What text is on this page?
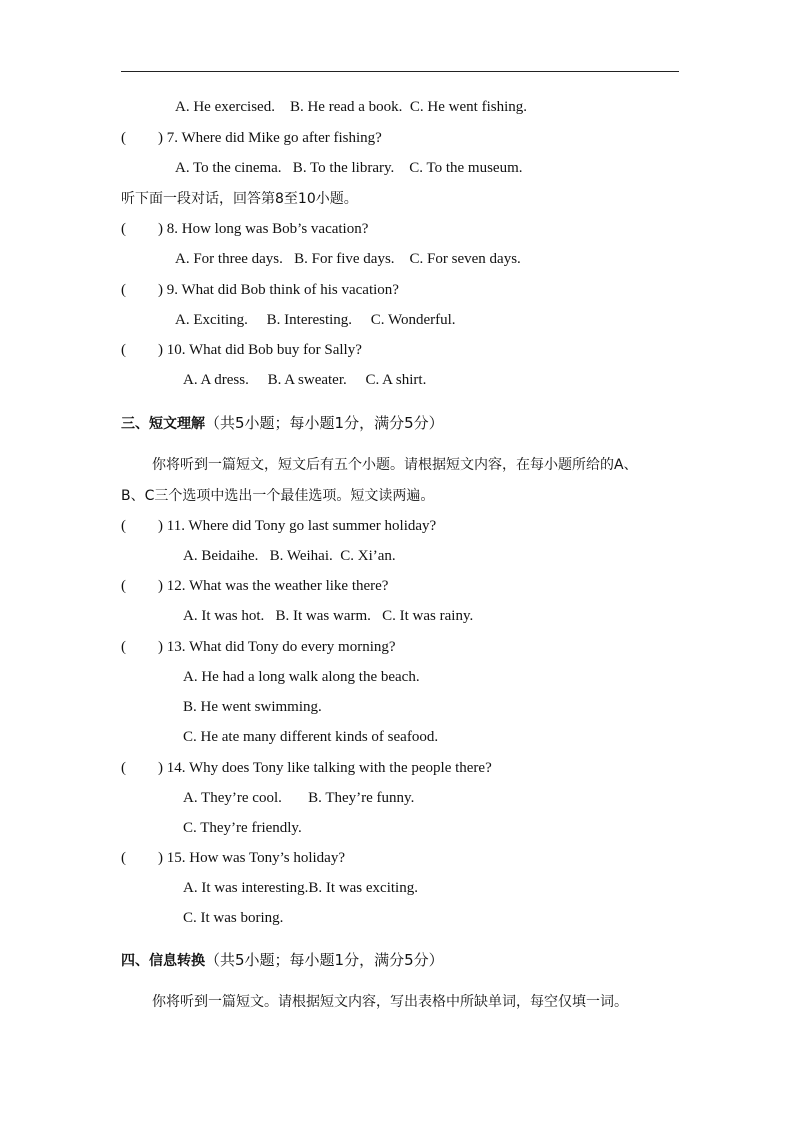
A. He exercised.    B. He read a book.  C. He went fishing.
( ) 7. Where did Mike go after fishing?
A. To the cinema.   B. To the library.    C. To the museum.
听下面一段对话，回答第8至10小题。
( ) 8. How long was Bob’s vacation?
A. For three days.   B. For five days.    C. For seven days.
( ) 9. What did Bob think of his vacation?
A. Exciting.     B. Interesting.     C. Wonderful.
( ) 10. What did Bob buy for Sally?
A. A dress.     B. A sweater.     C. A shirt.
三、短文理解（共5小题；每小题1分，满分5分）
你将听到一篇短文，短文后有五个小题。请根据短文内容，在每小题所给的A、
B、C三个选项中选出一个最佳选项。短文读两遍。
( ) 11. Where did Tony go last summer holiday?
A. Beidaihe.   B. Weihai.  C. Xi’an.
( ) 12. What was the weather like there?
A. It was hot.   B. It was warm.   C. It was rainy.
( ) 13. What did Tony do every morning?
A. He had a long walk along the beach.
B. He went swimming.
C. He ate many different kinds of seafood.
( ) 14. Why does Tony like talking with the people there?
A. They’re cool.       B. They’re funny.
C. They’re friendly.
( ) 15. How was Tony’s holiday?
A. It was interesting.B. It was exciting.
C. It was boring.
四、信息转换（共5小题；每小题1分，满分5分）
你将听到一篇短文。请根据短文内容，写出表格中所缺单词，每空仅填一词。
